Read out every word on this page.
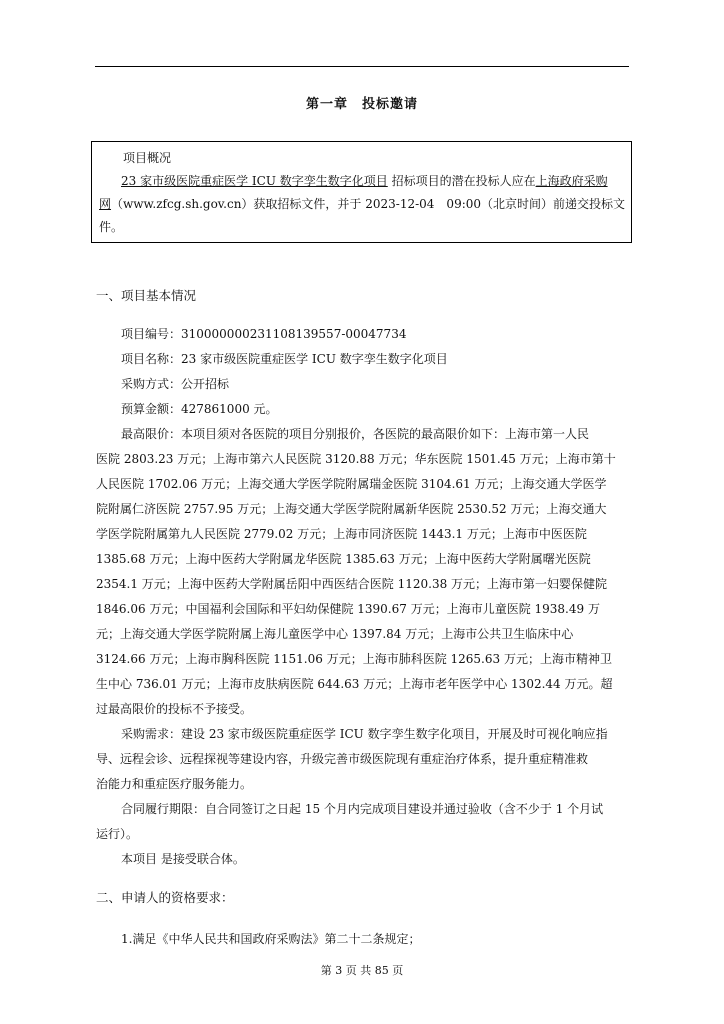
第一章　投标邀请
项目概况
23 家市级医院重症医学 ICU 数字孪生数字化项目 招标项目的潜在投标人应在上海政府采购
网（www.zfcg.sh.gov.cn）获取招标文件，并于 2023-12-04　09:00（北京时间）前递交投标文
件。
一、项目基本情况
项目编号：310000000231108139557-00047734
项目名称：23 家市级医院重症医学 ICU 数字孪生数字化项目
采购方式：公开招标
预算金额：427861000 元。
最高限价：本项目须对各医院的项目分别报价，各医院的最高限价如下：上海市第一人民
医院 2803.23 万元；上海市第六人民医院 3120.88 万元；华东医院 1501.45 万元；上海市第十
人民医院 1702.06 万元；上海交通大学医学院附属瑞金医院 3104.61 万元；上海交通大学医学
院附属仁济医院 2757.95 万元；上海交通大学医学院附属新华医院 2530.52 万元；上海交通大
学医学院附属第九人民医院 2779.02 万元；上海市同济医院 1443.1 万元；上海市中医医院
1385.68 万元；上海中医药大学附属龙华医院 1385.63 万元；上海中医药大学附属曙光医院
2354.1 万元；上海中医药大学附属岳阳中西医结合医院 1120.38 万元；上海市第一妇婴保健院
1846.06 万元；中国福利会国际和平妇幼保健院 1390.67 万元；上海市儿童医院 1938.49 万
元；上海交通大学医学院附属上海儿童医学中心 1397.84 万元；上海市公共卫生临床中心
3124.66 万元；上海市胸科医院 1151.06 万元；上海市肺科医院 1265.63 万元；上海市精神卫
生中心 736.01 万元；上海市皮肤病医院 644.63 万元；上海市老年医学中心 1302.44 万元。超
过最高限价的投标不予接受。
采购需求：建设 23 家市级医院重症医学 ICU 数字孪生数字化项目，开展及时可视化响应指
导、远程会诊、远程探视等建设内容，升级完善市级医院现有重症治疗体系，提升重症精准救
治能力和重症医疗服务能力。
合同履行期限：自合同签订之日起 15 个月内完成项目建设并通过验收（含不少于 1 个月试
运行）。
本项目 是接受联合体。
二、申请人的资格要求：
1.满足《中华人民共和国政府采购法》第二十二条规定；
第 3 页 共 85 页
